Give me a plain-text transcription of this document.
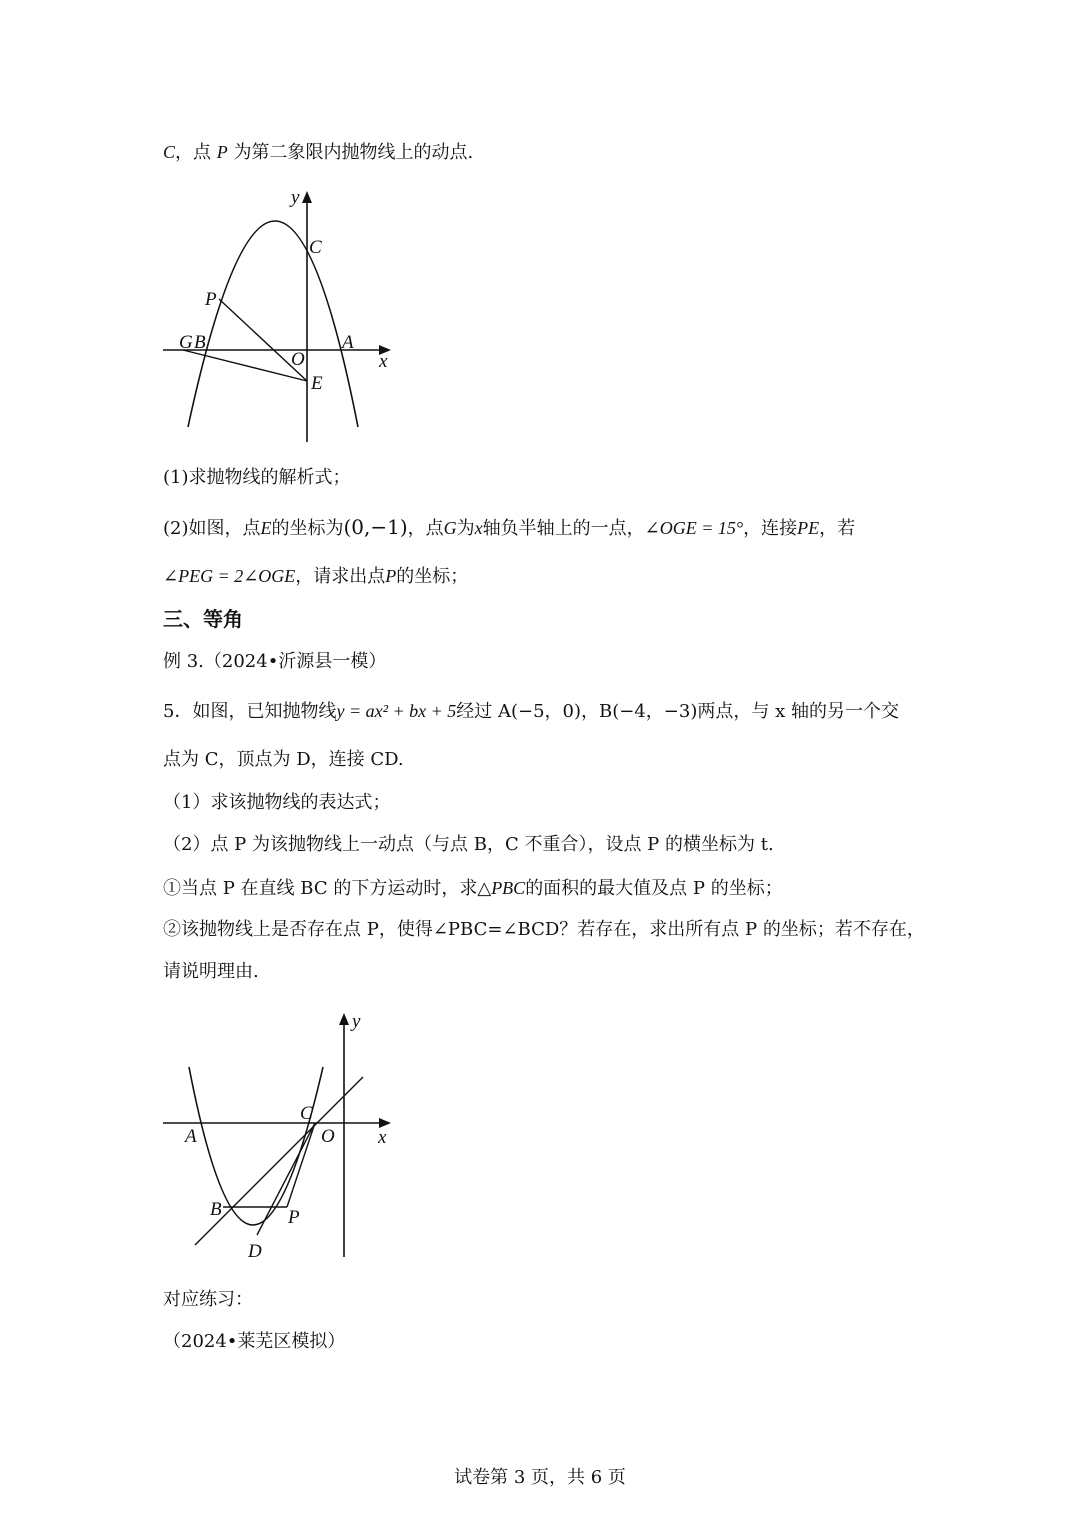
C，点 P 为第二象限内抛物线上的动点.
y
x
C
P
G B
O
A
E
(1)求抛物线的解析式；
(2)如图，点E的坐标为(0,−1)，点G为x轴负半轴上的一点，∠OGE = 15°，连接PE，若
∠PEG = 2∠OGE，请求出点P的坐标；
三、等角
例 3.（2024•沂源县一模）
5．如图，已知抛物线y = ax² + bx + 5经过 A(−5，0)，B(−4，−3)两点，与 x 轴的另一个交
点为 C，顶点为 D，连接 CD.
（1）求该抛物线的表达式；
（2）点 P 为该抛物线上一动点（与点 B，C 不重合），设点 P 的横坐标为 t.
①当点 P 在直线 BC 的下方运动时，求△PBC的面积的最大值及点 P 的坐标；
②该抛物线上是否存在点 P，使得∠PBC=∠BCD？若存在，求出所有点 P 的坐标；若不存在，
请说明理由.
y
x
C
O
A
B	P
D
对应练习：
（2024•莱芜区模拟）
试卷第 3 页，共 6 页
